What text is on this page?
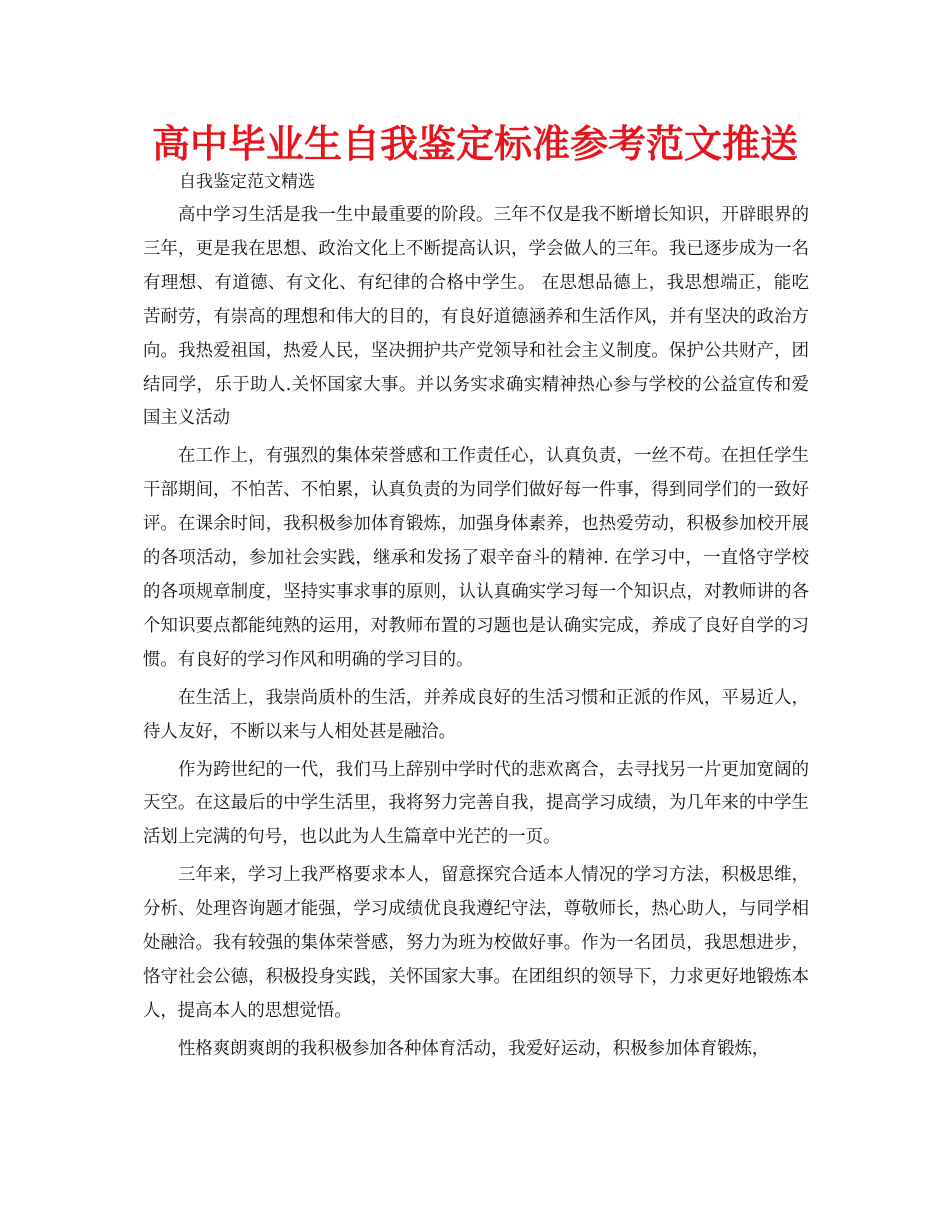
高中毕业生自我鉴定标准参考范文推送
自我鉴定范文精选

高中学习生活是我一生中最重要的阶段。三年不仅是我不断增长知识，开辟眼界的三年，更是我在思想、政治文化上不断提高认识，学会做人的三年。我已逐步成为一名有理想、有道德、有文化、有纪律的合格中学生。 在思想品德上，我思想端正，能吃苦耐劳，有崇高的理想和伟大的目的，有良好道德涵养和生活作风，并有坚决的政治方向。我热爱祖国，热爱人民，坚决拥护共产党领导和社会主义制度。保护公共财产，团结同学，乐于助人.关怀国家大事。并以务实求确实精神热心参与学校的公益宣传和爱国主义活动

在工作上，有强烈的集体荣誉感和工作责任心，认真负责，一丝不苟。在担任学生干部期间，不怕苦、不怕累，认真负责的为同学们做好每一件事，得到同学们的一致好评。在课余时间，我积极参加体育锻炼，加强身体素养，也热爱劳动，积极参加校开展的各项活动，参加社会实践，继承和发扬了艰辛奋斗的精神. 在学习中，一直恪守学校的各项规章制度，坚持实事求事的原则，认认真确实学习每一个知识点，对教师讲的各个知识要点都能纯熟的运用，对教师布置的习题也是认确实完成，养成了良好自学的习惯。有良好的学习作风和明确的学习目的。

在生活上，我崇尚质朴的生活，并养成良好的生活习惯和正派的作风，平易近人，待人友好，不断以来与人相处甚是融洽。

作为跨世纪的一代，我们马上辞别中学时代的悲欢离合，去寻找另一片更加宽阔的天空。在这最后的中学生活里，我将努力完善自我，提高学习成绩，为几年来的中学生活划上完满的句号，也以此为人生篇章中光芒的一页。

三年来，学习上我严格要求本人，留意探究合适本人情况的学习方法，积极思维，分析、处理咨询题才能强，学习成绩优良我遵纪守法，尊敬师长，热心助人，与同学相处融洽。我有较强的集体荣誉感，努力为班为校做好事。作为一名团员，我思想进步，恪守社会公德，积极投身实践，关怀国家大事。在团组织的领导下，力求更好地锻炼本人，提高本人的思想觉悟。

性格爽朗爽朗的我积极参加各种体育活动，我爱好运动，积极参加体育锻炼，
